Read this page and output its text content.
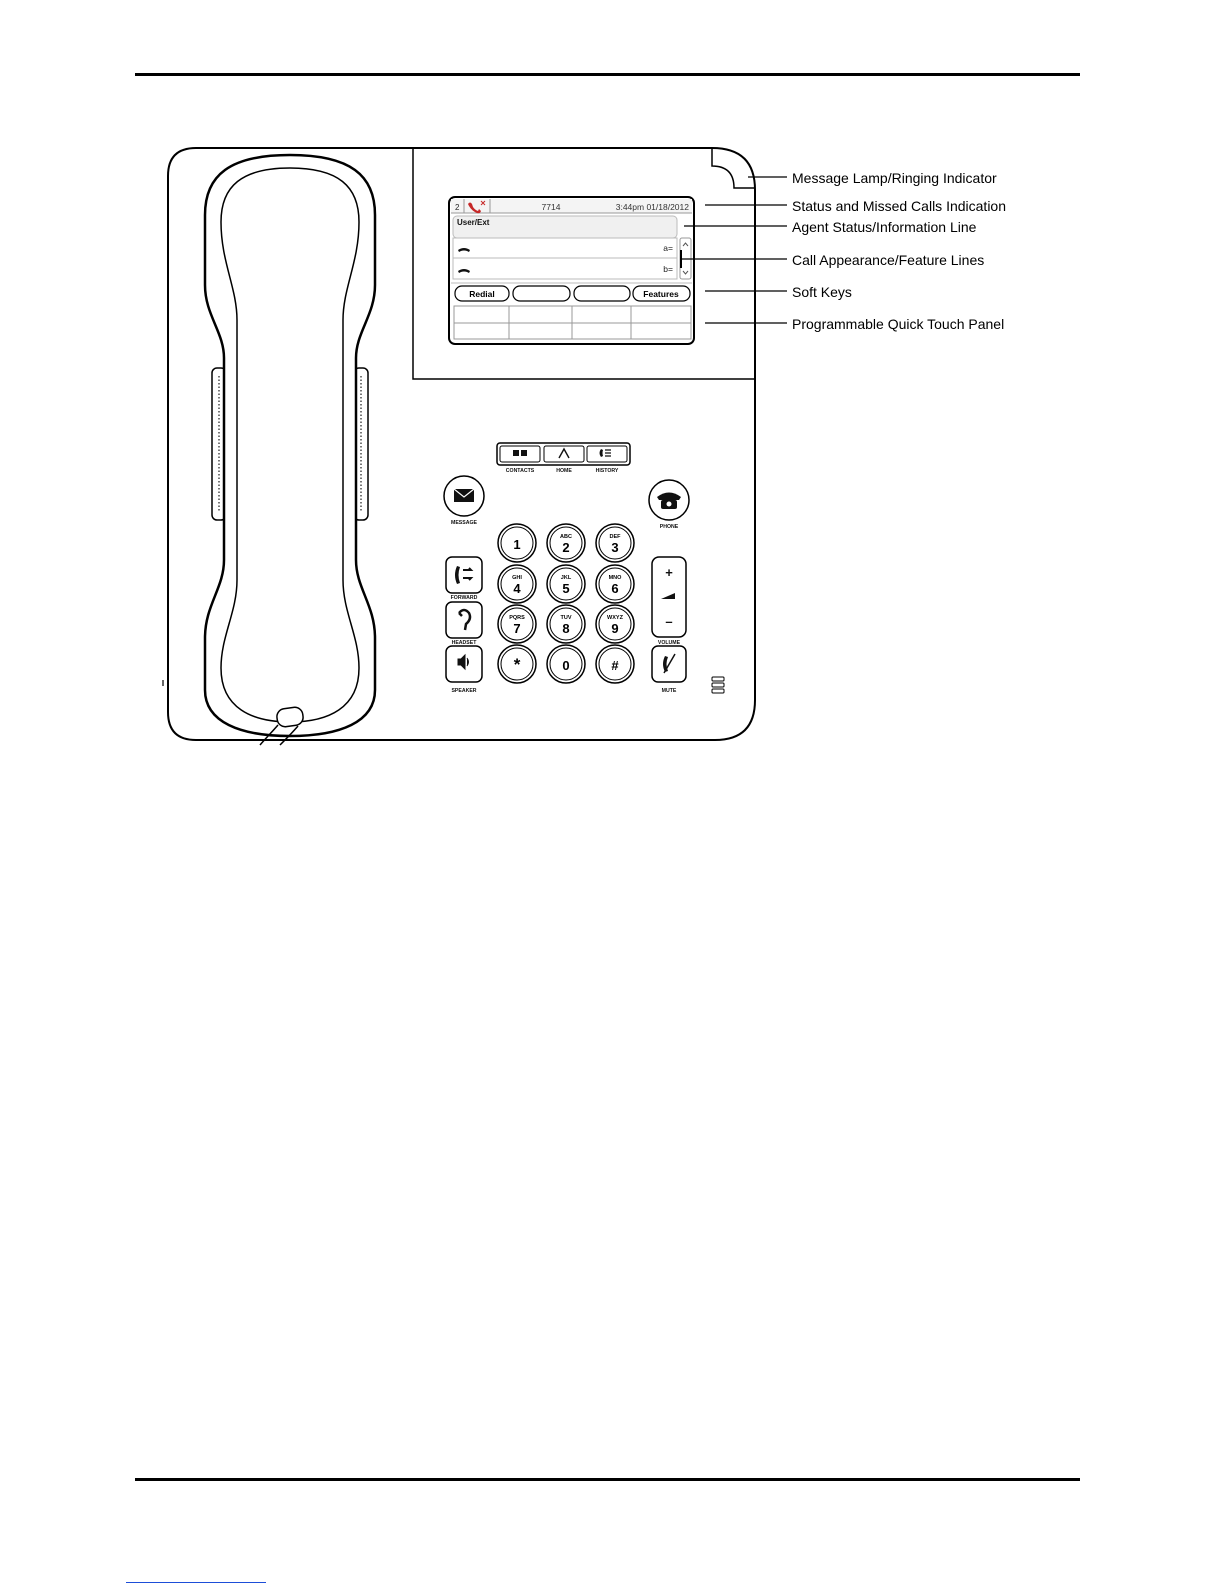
2	7714	3:44pm 01/18/2012
User/Ext
a=
b=
Redial	Features
CONTACTS	HOME	HISTORY
MESSAGE
PHONE
FORWARD
HEADSET
SPEAKER
+
–
VOLUME
MUTE
1	ABC
2
DEF
3
GHI
4
JKL
5
MNO
6
PQRS
7
TUV
8
WXYZ
9
*	0	#
Message Lamp/Ringing Indicator
Status and Missed Calls Indication
Agent Status/Information Line
Call Appearance/Feature Lines
Soft Keys
Programmable Quick Touch Panel
